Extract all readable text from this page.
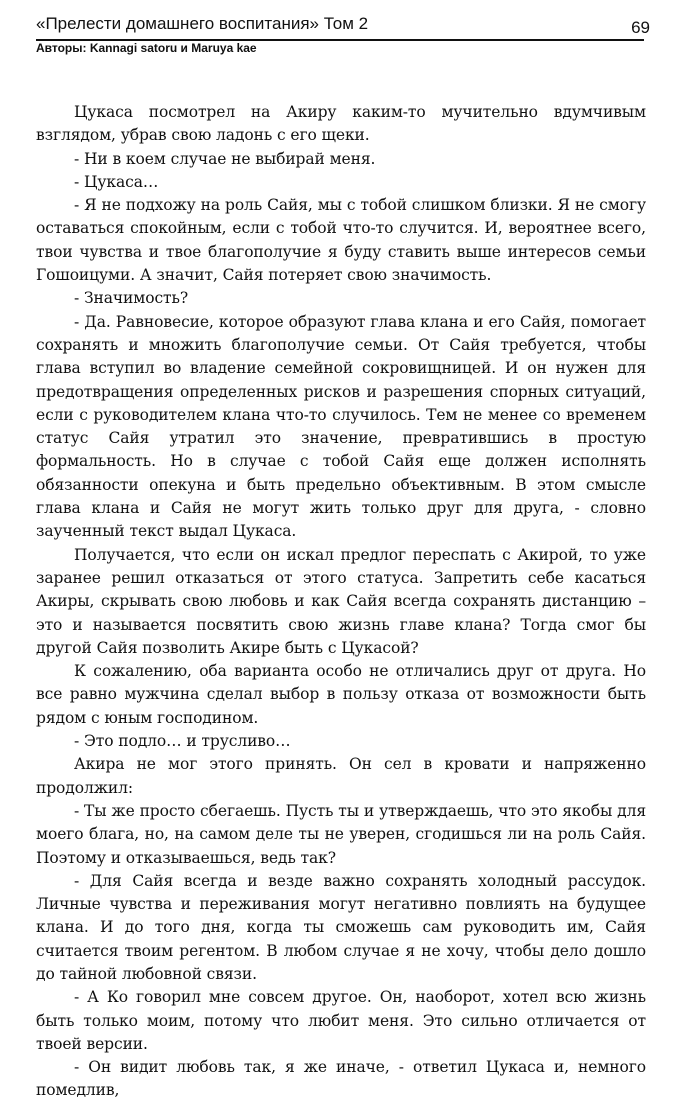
«Прелести домашнего воспитания» Том 2	69
Авторы: Kannagi satoru и Maruya kae

Цукаса посмотрел на Акиру каким-то мучительно вдумчивым взглядом, убрав свою ладонь с его щеки.

- Ни в коем случае не выбирай меня.

- Цукаса…

- Я не подхожу на роль Сайя, мы с тобой слишком близки. Я не смогу оставаться спокойным, если с тобой что-то случится. И, вероятнее всего, твои чувства и твое благополучие я буду ставить выше интересов семьи Гошоицуми. А значит, Сайя потеряет свою значимость.

- Значимость?

- Да. Равновесие, которое образуют глава клана и его Сайя, помогает сохранять и множить благополучие семьи. От Сайя требуется, чтобы глава вступил во владение семейной сокровищницей. И он нужен для предотвращения определенных рисков и разрешения спорных ситуаций, если с руководителем клана что-то случилось. Тем не менее со временем статус Сайя утратил это значение, превратившись в простую формальность. Но в случае с тобой Сайя еще должен исполнять обязанности опекуна и быть предельно объективным. В этом смысле глава клана и Сайя не могут жить только друг для друга, - словно заученный текст выдал Цукаса.

Получается, что если он искал предлог переспать с Акирой, то уже заранее решил отказаться от этого статуса. Запретить себе касаться Акиры, скрывать свою любовь и как Сайя всегда сохранять дистанцию – это и называется посвятить свою жизнь главе клана? Тогда смог бы другой Сайя позволить Акире быть с Цукасой?

К сожалению, оба варианта особо не отличались друг от друга. Но все равно мужчина сделал выбор в пользу отказа от возможности быть рядом с юным господином.

- Это подло… и трусливо…

Акира не мог этого принять. Он сел в кровати и напряженно продолжил:

- Ты же просто сбегаешь. Пусть ты и утверждаешь, что это якобы для моего блага, но, на самом деле ты не уверен, сгодишься ли на роль Сайя. Поэтому и отказываешься, ведь так?

- Для Сайя всегда и везде важно сохранять холодный рассудок. Личные чувства и переживания могут негативно повлиять на будущее клана. И до того дня, когда ты сможешь сам руководить им, Сайя считается твоим регентом. В любом случае я не хочу, чтобы дело дошло до тайной любовной связи.

- А Ко говорил мне совсем другое. Он, наоборот, хотел всю жизнь быть только моим, потому что любит меня. Это сильно отличается от твоей версии.

- Он видит любовь так, я же иначе, - ответил Цукаса и, немного помедлив,
